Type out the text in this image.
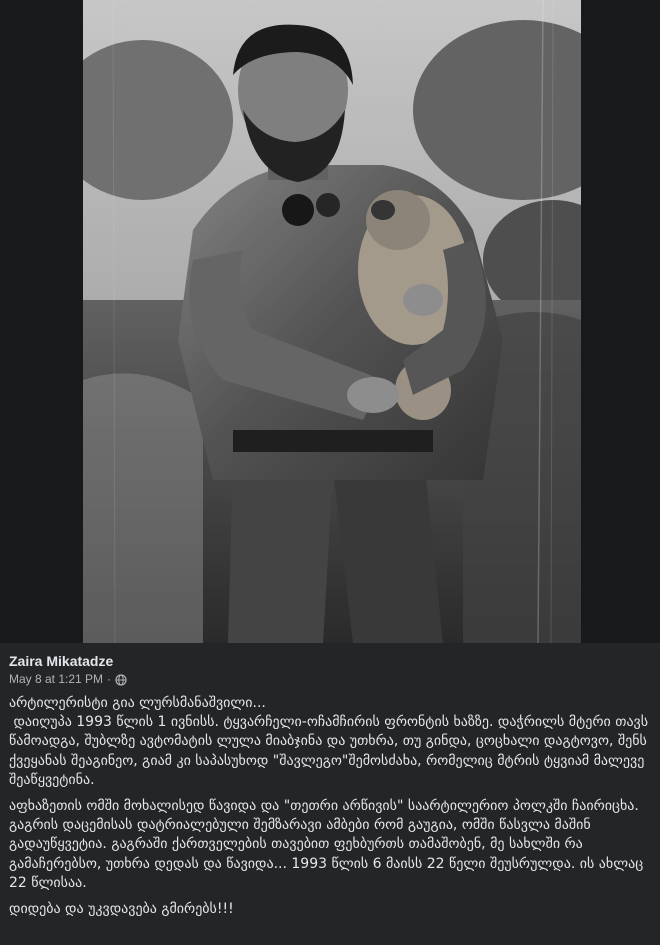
Zaira Mikatadze
May 8 at 1:21 PM ·

არტილერისტი გია ლურსმანაშვილი...
დაიღუპა 1993 წლის 1 ივნისს. ტყვარჩელი-ოჩამჩირის ფრონტის ხაზზე. დაჭრილს მტერი თავს წამოადგა, შუბლზე ავტომატის ლულა მიაბჯინა და უთხრა, თუ გინდა, ცოცხალი დაგტოვო, შენს ქვეყანას შეაგინეო, გიამ კი საპასუხოდ "შავლეგო"შემოსძახა, რომელიც მტრის ტყვიამ მალევე შეაწყვეტინა.

აფხაზეთის ომში მოხალისედ წავიდა და "თეთრი არწივის" საარტილერიო პოლკში ჩაირიცხა. გაგრის დაცემისას დატრიალებული შემზარავი ამბები რომ გაუგია, ომში წასვლა მაშინ გადაუწყვეტია. გაგრაში ქართველების თავებით ფეხბურთს თამაშობენ, მე სახლში რა გამაჩერებსო, უთხრა დედას და წავიდა... 1993 წლის 6 მაისს 22 წელი შეუსრულდა. ის ახლაც 22 წლისაა.

დიდება და უკვდავება გმირებს!!!
